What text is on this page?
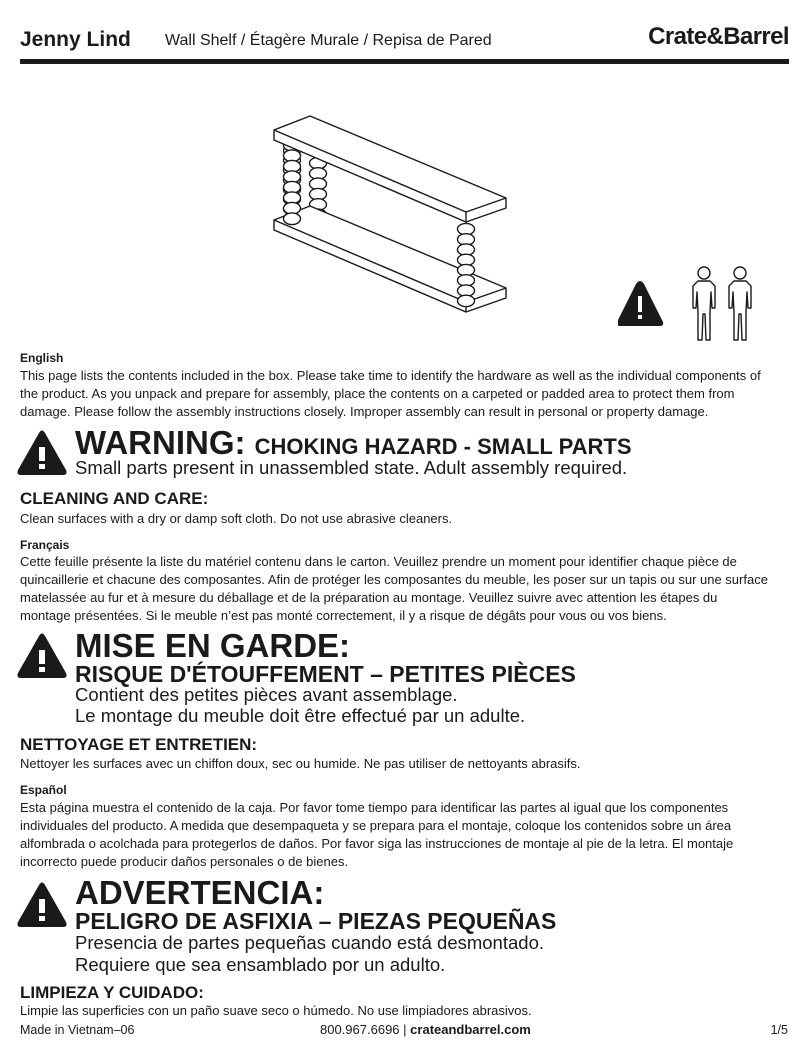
Jenny Lind Wall Shelf / Étagère Murale / Repisa de Pared	Crate&Barrel
English
This page lists the contents included in the box. Please take time to identify the hardware as well as the individual components of the product. As you unpack and prepare for assembly, place the contents on a carpeted or padded area to protect them from damage. Please follow the assembly instructions closely. Improper assembly can result in personal or property damage.
WARNING: CHOKING HAZARD - SMALL PARTS
Small parts present in unassembled state. Adult assembly required.
CLEANING AND CARE:
Clean surfaces with a dry or damp soft cloth. Do not use abrasive cleaners.
Français
Cette feuille présente la liste du matériel contenu dans le carton. Veuillez prendre un moment pour identifier chaque pièce de quincaillerie et chacune des composantes. Afin de protéger les composantes du meuble, les poser sur un tapis ou sur une surface matelassée au fur et à mesure du déballage et de la préparation au montage. Veuillez suivre avec attention les étapes du montage présentées. Si le meuble n’est pas monté correctement, il y a risque de dégâts pour vous ou vos biens.
MISE EN GARDE:
RISQUE D'ÉTOUFFEMENT – PETITES PIÈCES
Contient des petites pièces avant assemblage.
Le montage du meuble doit être effectué par un adulte.
NETTOYAGE ET ENTRETIEN:
Nettoyer les surfaces avec un chiffon doux, sec ou humide. Ne pas utiliser de nettoyants abrasifs.
Español
Esta página muestra el contenido de la caja. Por favor tome tiempo para identificar las partes al igual que los componentes individuales del producto. A medida que desempaqueta y se prepara para el montaje, coloque los contenidos sobre un área alfombrada o acolchada para protegerlos de daños. Por favor siga las instrucciones de montaje al pie de la letra. El montaje incorrecto puede producir daños personales o de bienes.
ADVERTENCIA:
PELIGRO DE ASFIXIA – PIEZAS PEQUEÑAS
Presencia de partes pequeñas cuando está desmontado.
Requiere que sea ensamblado por un adulto.
LIMPIEZA Y CUIDADO:
Limpie las superficies con un paño suave seco o húmedo. No use limpiadores abrasivos.
Made in Vietnam–06	800.967.6696 | crateandbarrel.com	1/5
